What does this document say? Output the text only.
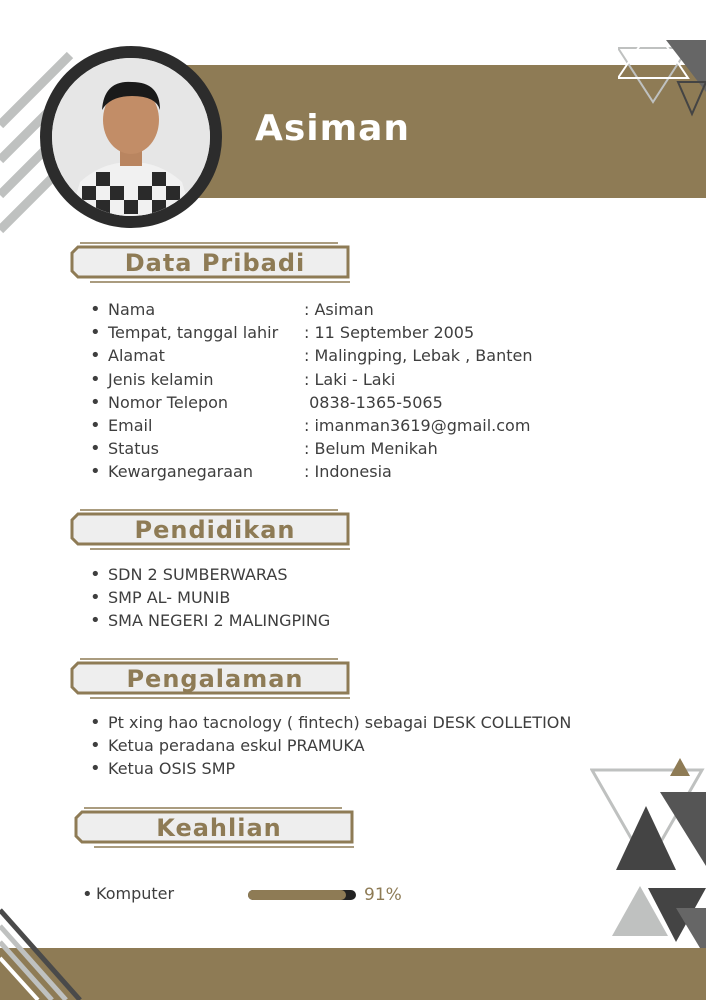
Asiman
Data Pribadi
• Nama	: Asiman
• Tempat, tanggal lahir : 11 September 2005
• Alamat	: Malingping, Lebak , Banten
• Jenis kelamin	: Laki - Laki
• Nomor Telepon	0838-1365-5065
• Email	: imanman3619@gmail.com
• Status	: Belum Menikah
• Kewarganegaraan	: Indonesia
Pendidikan
• SDN 2 SUMBERWARAS
• SMP AL- MUNIB
• SMA NEGERI 2 MALINGPING
Pengalaman
• Pt xing hao tacnology ( fintech) sebagai DESK COLLETION
• Ketua peradana eskul PRAMUKA
• Ketua OSIS SMP
Keahlian
• Komputer	91%
